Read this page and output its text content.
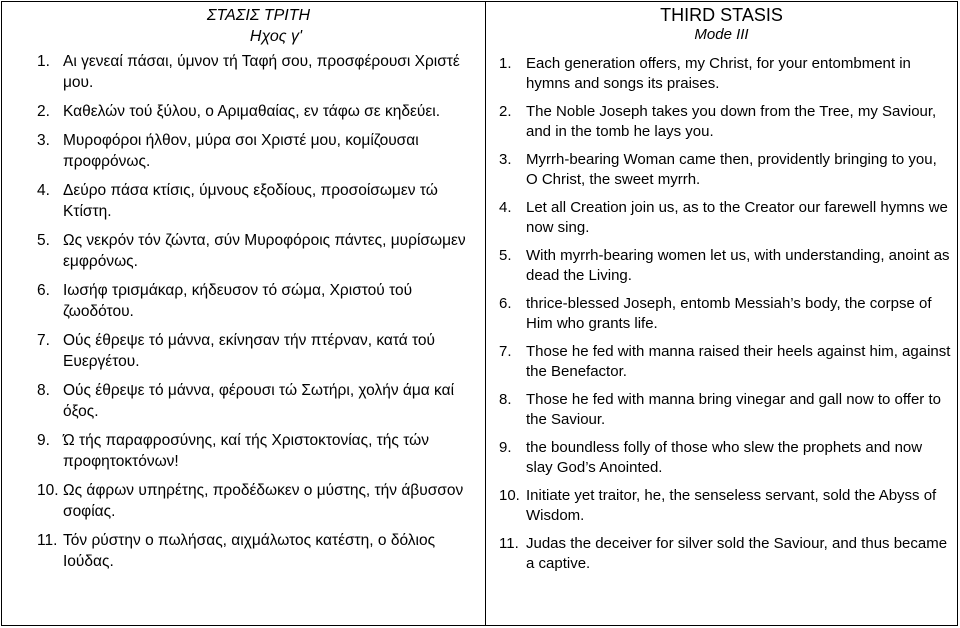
ΣΤΑΣΙΣ ΤΡΙΤΗ
Ηχος γ'
1. Αι γενεαί πάσαι, ύμνον τή Ταφή σου, προσφέρουσι Χριστέ μου.
2. Καθελών τού ξύλου, ο Αριμαθαίας, εν τάφω σε κηδεύει.
3. Μυροφόροι ήλθον, μύρα σοι Χριστέ μου, κομίζουσαι προφρόνως.
4. Δεύρο πάσα κτίσις, ύμνους εξοδίους, προσοίσωμεν τώ Κτίστη.
5. Ως νεκρόν τόν ζώντα, σύν Μυροφόροις πάντες, μυρίσωμεν εμφρόνως.
6. Ιωσήφ τρισμάκαρ, κήδευσον τό σώμα, Χριστού τού ζωοδότου.
7. Ούς έθρεψε τό μάννα, εκίνησαν τήν πτέρναν, κατά τού Ευεργέτου.
8. Ούς έθρεψε τό μάννα, φέρουσι τώ Σωτήρι, χολήν άμα καί όξος.
9. Ώ τής παραφροσύνης, καί τής Χριστοκτονίας, τής τών προφητοκτόνων!
10. Ως άφρων υπηρέτης, προδέδωκεν ο μύστης, τήν άβυσσον σοφίας.
11. Τόν ρύστην ο πωλήσας, αιχμάλωτος κατέστη, ο δόλιος Ιούδας.

THIRD STASIS
Mode III
1. Each generation offers, my Christ, for your entombment in hymns and songs its praises.
2. The Noble Joseph takes you down from the Tree, my Saviour, and in the tomb he lays you.
3. Myrrh-bearing Woman came then, providently bringing to you, O Christ, the sweet myrrh.
4. Let all Creation join us, as to the Creator our farewell hymns we now sing.
5. With myrrh-bearing women let us, with understanding, anoint as dead the Living.
6. thrice-blessed Joseph, entomb Messiah’s body, the corpse of Him who grants life.
7. Those he fed with manna raised their heels against him, against the Benefactor.
8. Those he fed with manna bring vinegar and gall now to offer to the Saviour.
9. the boundless folly of those who slew the prophets and now slay God’s Anointed.
10. Initiate yet traitor, he, the senseless servant, sold the Abyss of Wisdom.
11. Judas the deceiver for silver sold the Saviour, and thus became a captive.
